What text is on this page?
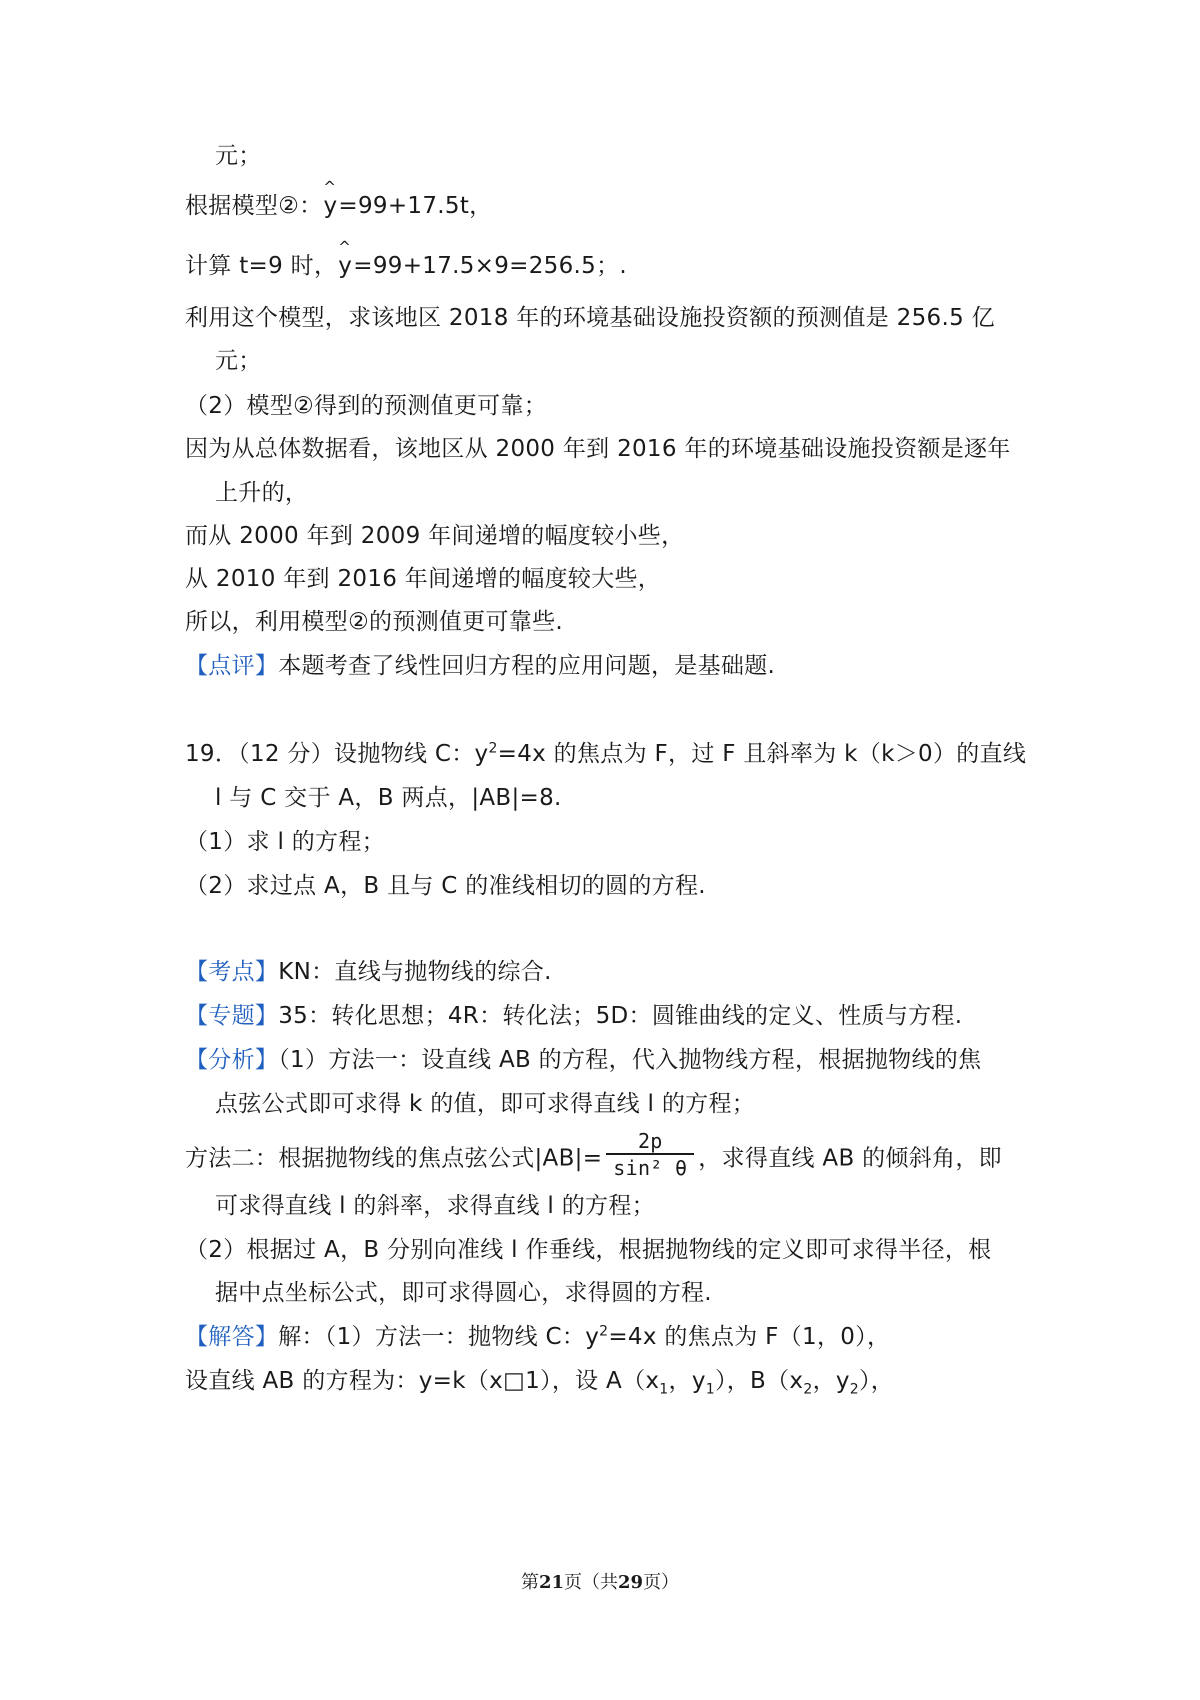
元；
根据模型②：
^
y=99+17.5t，
计算 t=9 时，
^
y=99+17.5×9=256.5；.
利用这个模型，求该地区 2018 年的环境基础设施投资额的预测值是 256.5 亿
元；
（2）模型②得到的预测值更可靠；
因为从总体数据看，该地区从 2000 年到 2016 年的环境基础设施投资额是逐年
上升的，
而从 2000 年到 2009 年间递增的幅度较小些，
从 2010 年到 2016 年间递增的幅度较大些，
所以，利用模型②的预测值更可靠些.
【点评】本题考查了线性回归方程的应用问题，是基础题.
19．（12 分）设抛物线 C：$y^2=4x$ 的焦点为 F，过 F 且斜率为 k（k＞0）的直线
l 与 C 交于 A，B 两点，|AB|=8.
（1）求 l 的方程；
（2）求过点 A，B 且与 C 的准线相切的圆的方程.
【考点】KN：直线与抛物线的综合.
【专题】35：转化思想；4R：转化法；5D：圆锥曲线的定义、性质与方程.
【分析】（1）方法一：设直线 AB 的方程，代入抛物线方程，根据抛物线的焦
点弦公式即可求得 k 的值，即可求得直线 l 的方程；
方法二：根据抛物线的焦点弦公式$|AB|= \frac{2p}{\text{sin² θ}}$ ，求得直线 AB 的倾斜角，即
可求得直线 l 的斜率，求得直线 l 的方程；
（2）根据过 A，B 分别向准线 l 作垂线，根据抛物线的定义即可求得半径，根
据中点坐标公式，即可求得圆心，求得圆的方程.
【解答】解：（1）方法一：抛物线 C：$y^2=4x$ 的焦点为 F（1，0），
设直线 AB 的方程为：y=k（x□1），设 $A(x_1$，$y_1$），$B(x_2$，$y_2$），
第21页（共29页）
